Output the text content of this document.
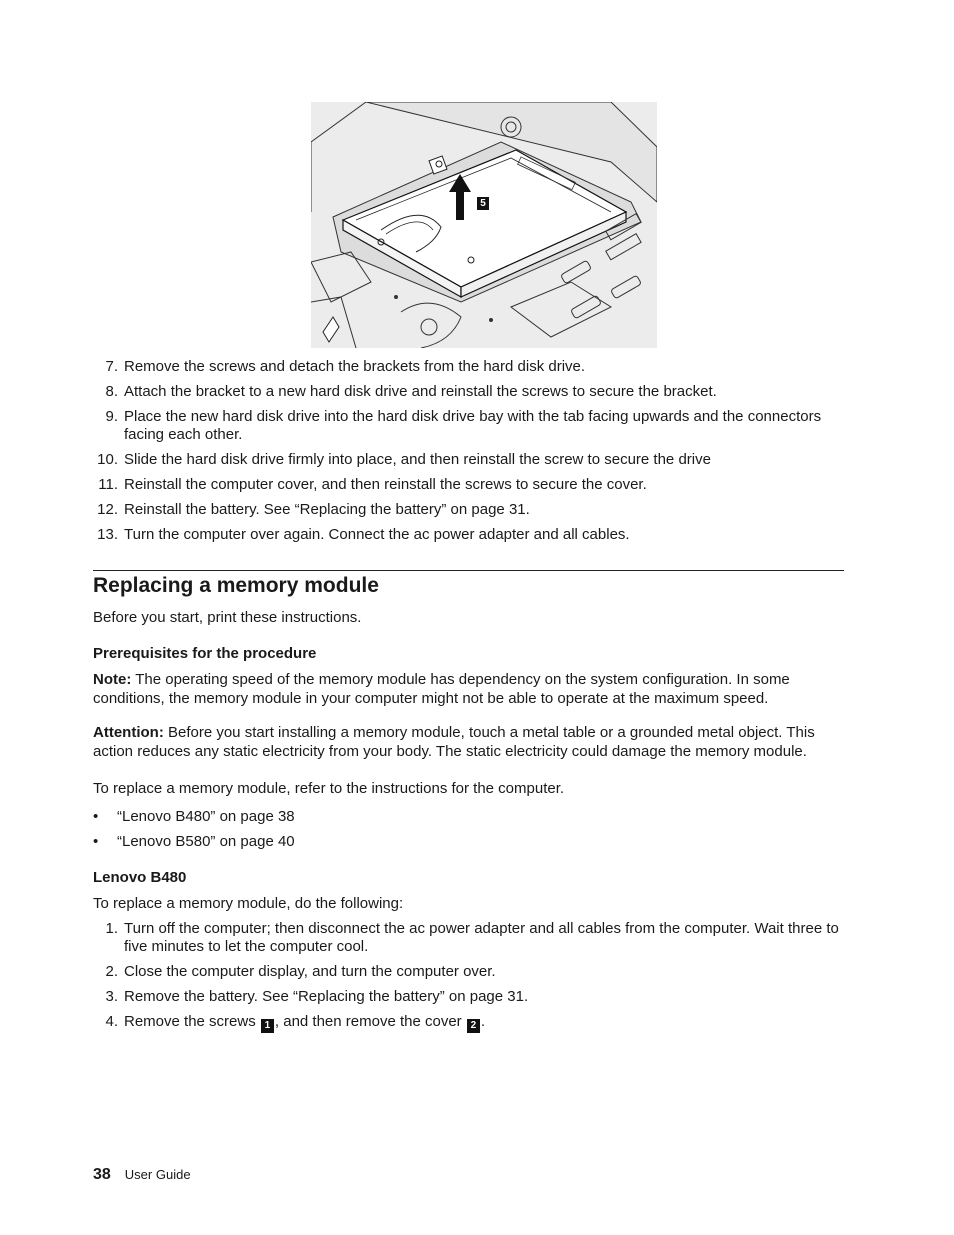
5
7. Remove the screws and detach the brackets from the hard disk drive.
8. Attach the bracket to a new hard disk drive and reinstall the screws to secure the bracket.
9. Place the new hard disk drive into the hard disk drive bay with the tab facing upwards and the connectors facing each other.
10. Slide the hard disk drive firmly into place, and then reinstall the screw to secure the drive
11. Reinstall the computer cover, and then reinstall the screws to secure the cover.
12. Reinstall the battery. See “Replacing the battery” on page 31.
13. Turn the computer over again. Connect the ac power adapter and all cables.
Replacing a memory module

Before you start, print these instructions.

Prerequisites for the procedure

Note: The operating speed of the memory module has dependency on the system configuration. In some conditions, the memory module in your computer might not be able to operate at the maximum speed.

Attention: Before you start installing a memory module, touch a metal table or a grounded metal object. This action reduces any static electricity from your body. The static electricity could damage the memory module.

To replace a memory module, refer to the instructions for the computer.

• “Lenovo B480” on page 38
• “Lenovo B580” on page 40

Lenovo B480

To replace a memory module, do the following:

1. Turn off the computer; then disconnect the ac power adapter and all cables from the computer. Wait three to five minutes to let the computer cool.
2. Close the computer display, and turn the computer over.
3. Remove the battery. See “Replacing the battery” on page 31.
4. Remove the screws 1 , and then remove the cover 2 .
38 User Guide
